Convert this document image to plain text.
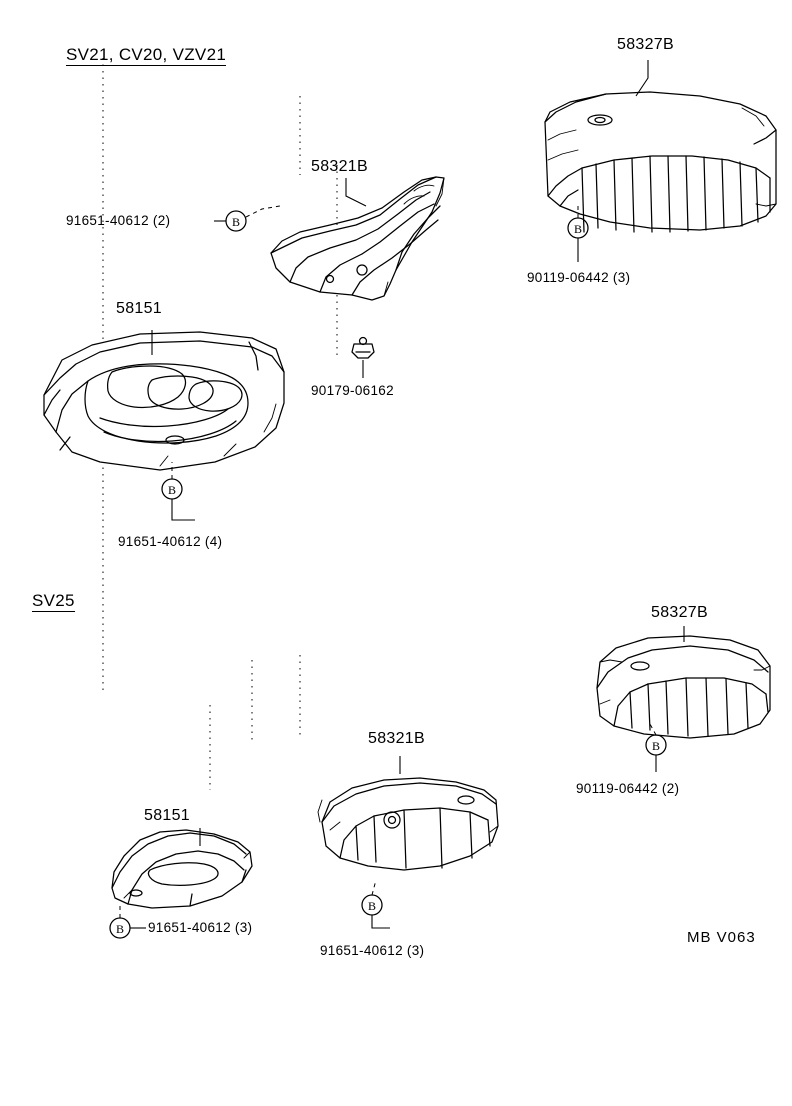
B
B	B
B
B
B
SV21, CV20, VZV21
SV25
58151
58321B
58327B
58151
58321B
58327B
91651-40612 (2)
91651-40612 (4)
90179-06162
90119-06442 (3)
91651-40612 (3)
91651-40612 (3)
90119-06442 (2)
MB V063
